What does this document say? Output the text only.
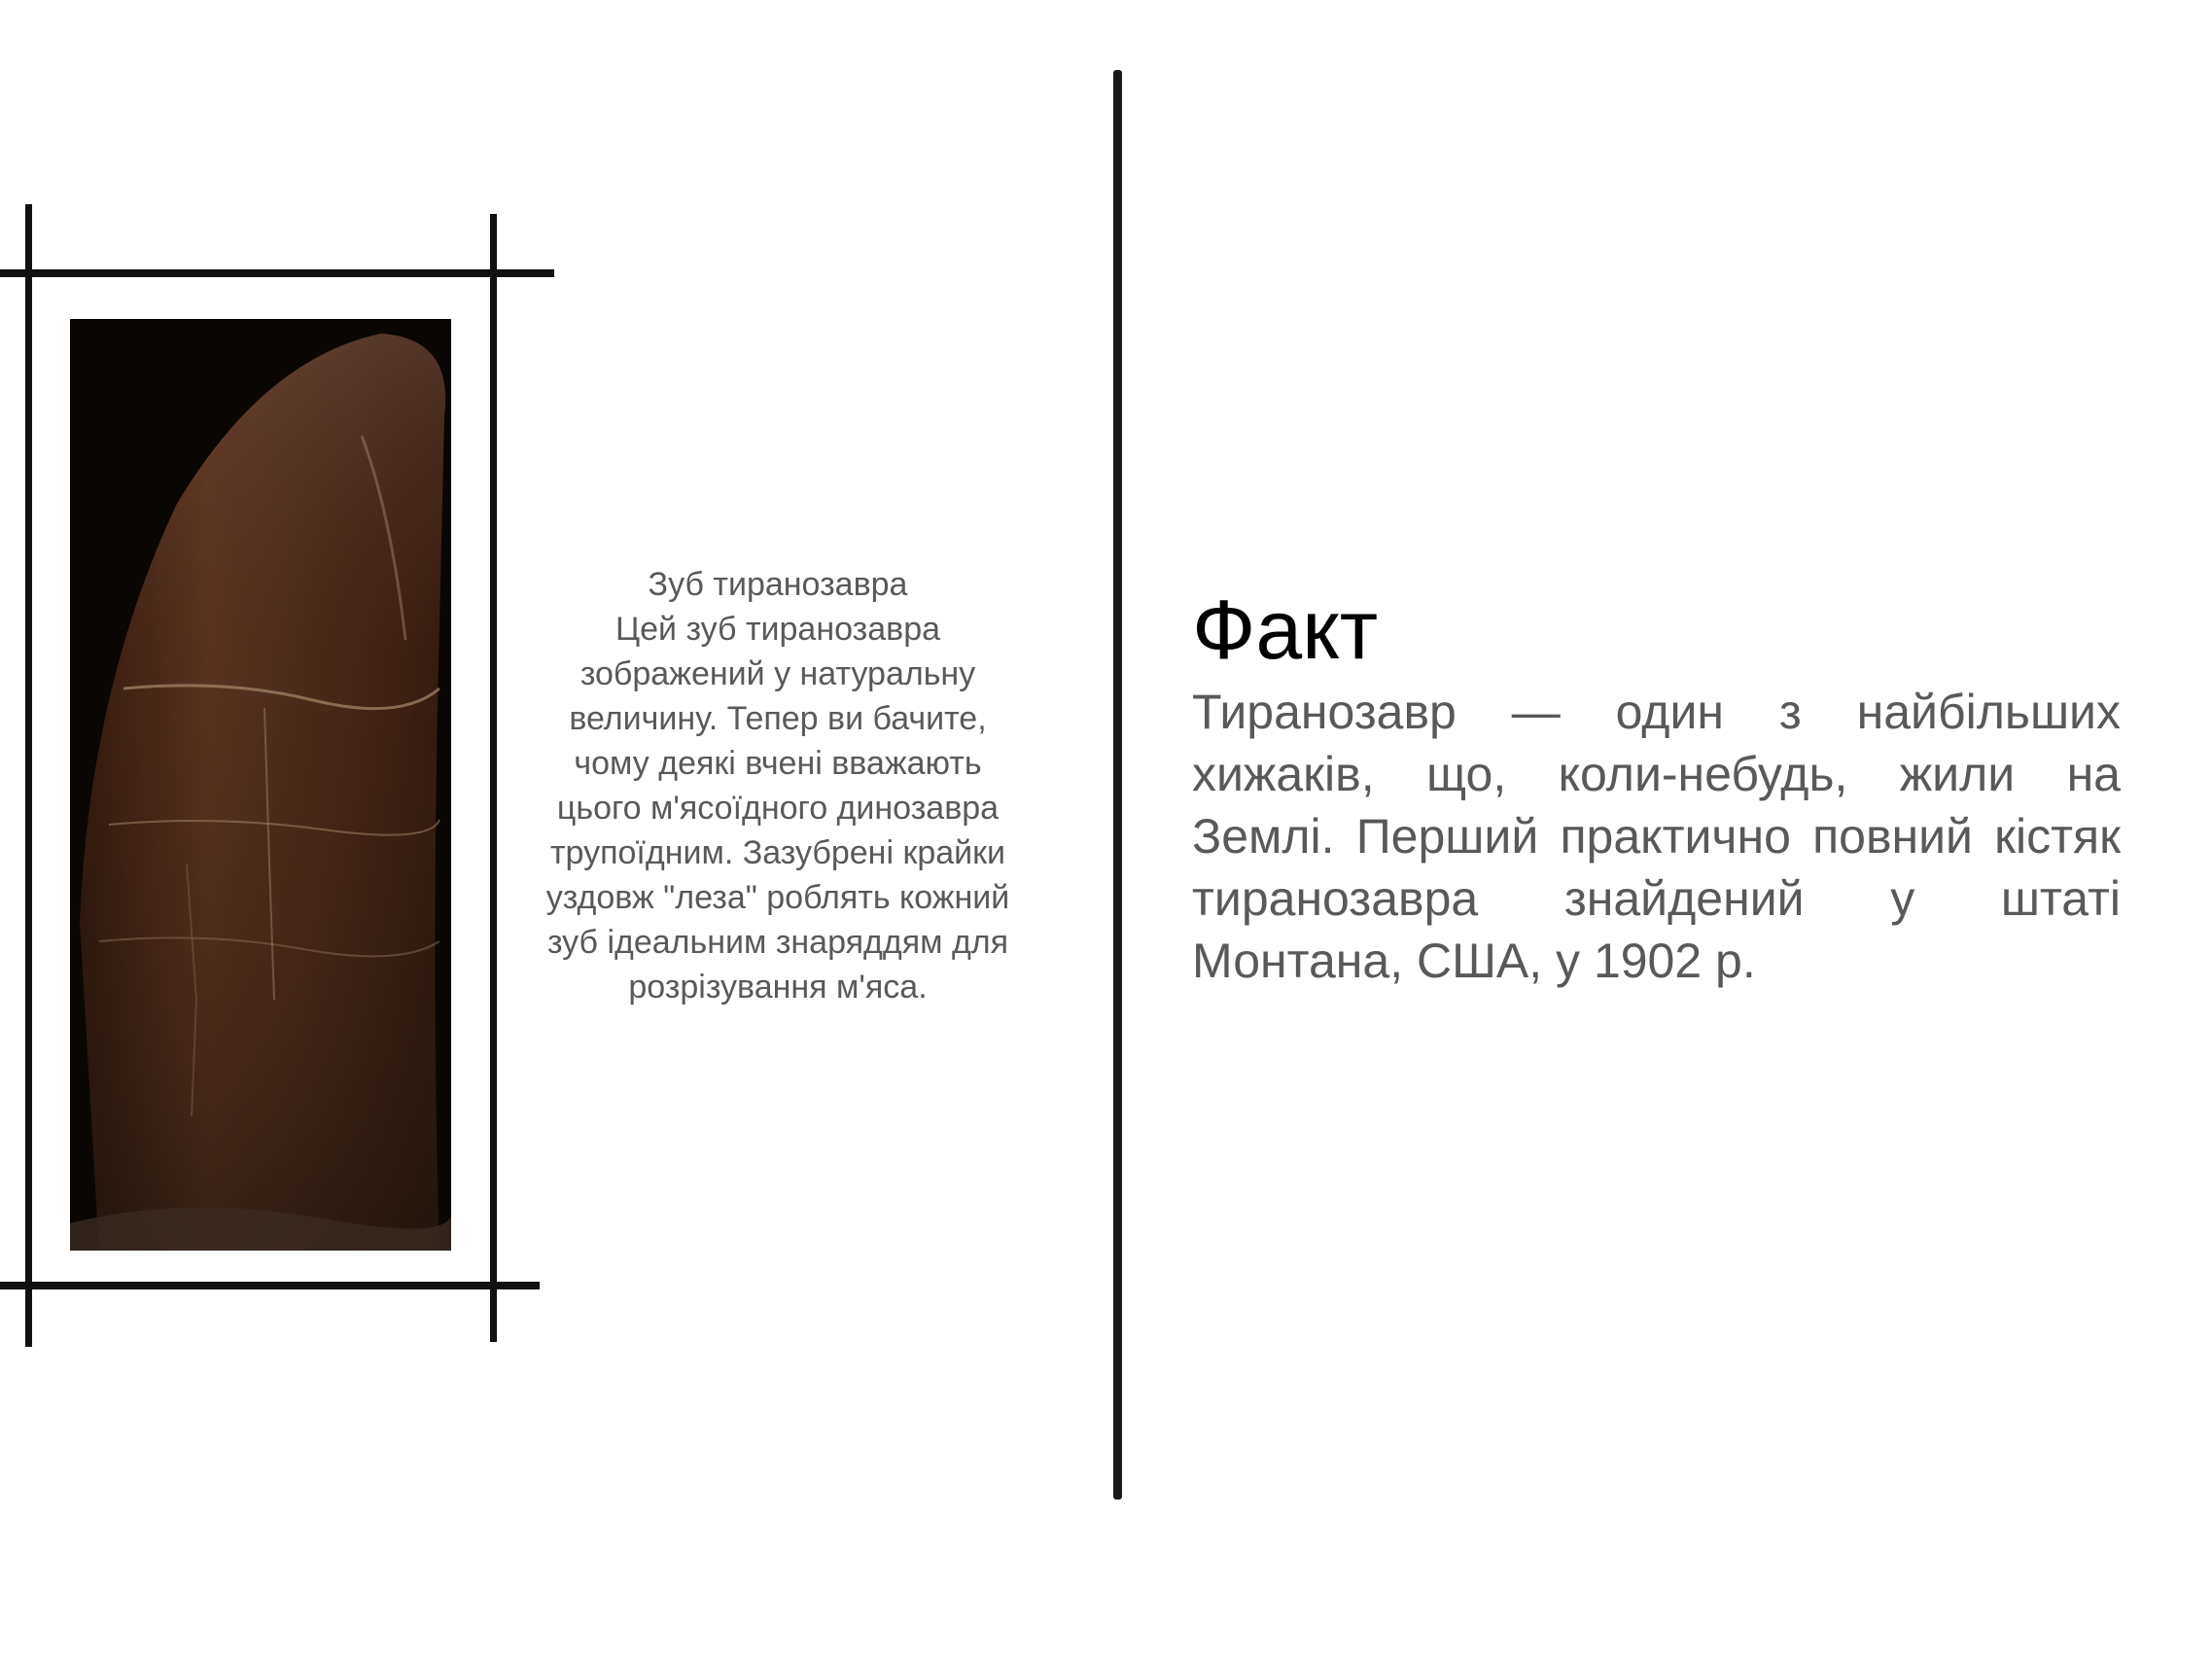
Зуб тиранозавра
Цей зуб тиранозавра
зображений у натуральну
величину. Тепер ви бачите,
чому деякі вчені вважають
цього м'ясоїдного динозавра
трупоїдним. Зазубрені крайки
уздовж "леза" роблять кожний
зуб ідеальним знаряддям для
розрізування м'яса.
Факт

Тиранозавр — один з найбільших хижаків, що, коли-небудь, жили на Землі. Перший практично повний кістяк тиранозавра знайдений у штаті Монтана, США, у 1902 р.
